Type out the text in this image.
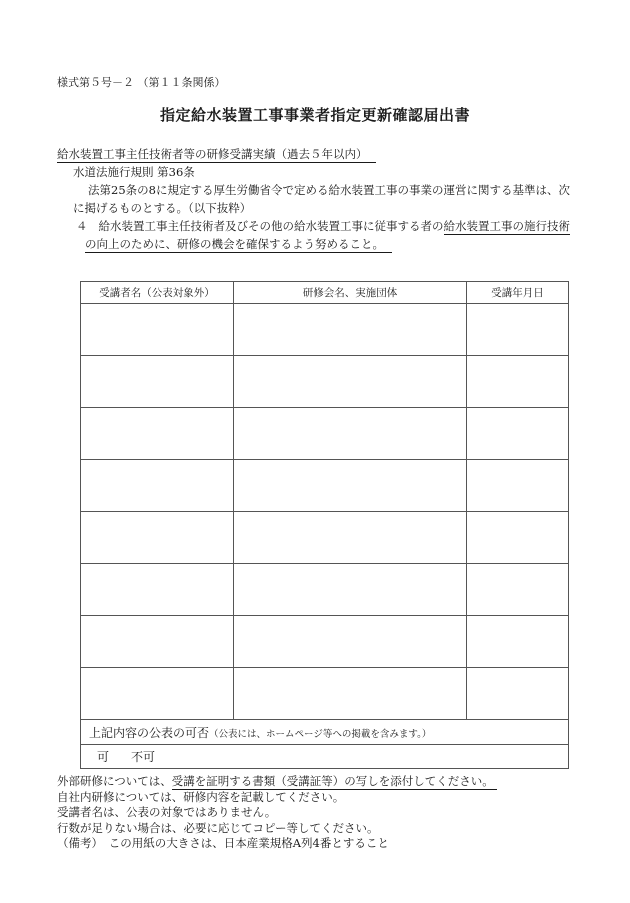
様式第５号－２ （第１１条関係）
指定給水装置工事事業者指定更新確認届出書
給水装置工事主任技術者等の研修受講実績（過去５年以内）
水道法施行規則 第36条
法第25条の8に規定する厚生労働省令で定める給水装置工事の事業の運営に関する基準は、次
に掲げるものとする。（以下抜粋）
４ 給水装置工事主任技術者及びその他の給水装置工事に従事する者の給水装置工事の施行技術
の向上のために、研修の機会を確保するよう努めること。
受講者名（公表対象外）	研修会名、実施団体	受講年月日

上記内容の公表の可否（公表には、ホームページ等への掲載を含みます。）		
可 不可		
外部研修については、受講を証明する書類（受講証等）の写しを添付してください。
自社内研修については、研修内容を記載してください。
受講者名は、公表の対象ではありません。
行数が足りない場合は、必要に応じてコピー等してください。
（備考）　この用紙の大きさは、日本産業規格A列4番とすること
